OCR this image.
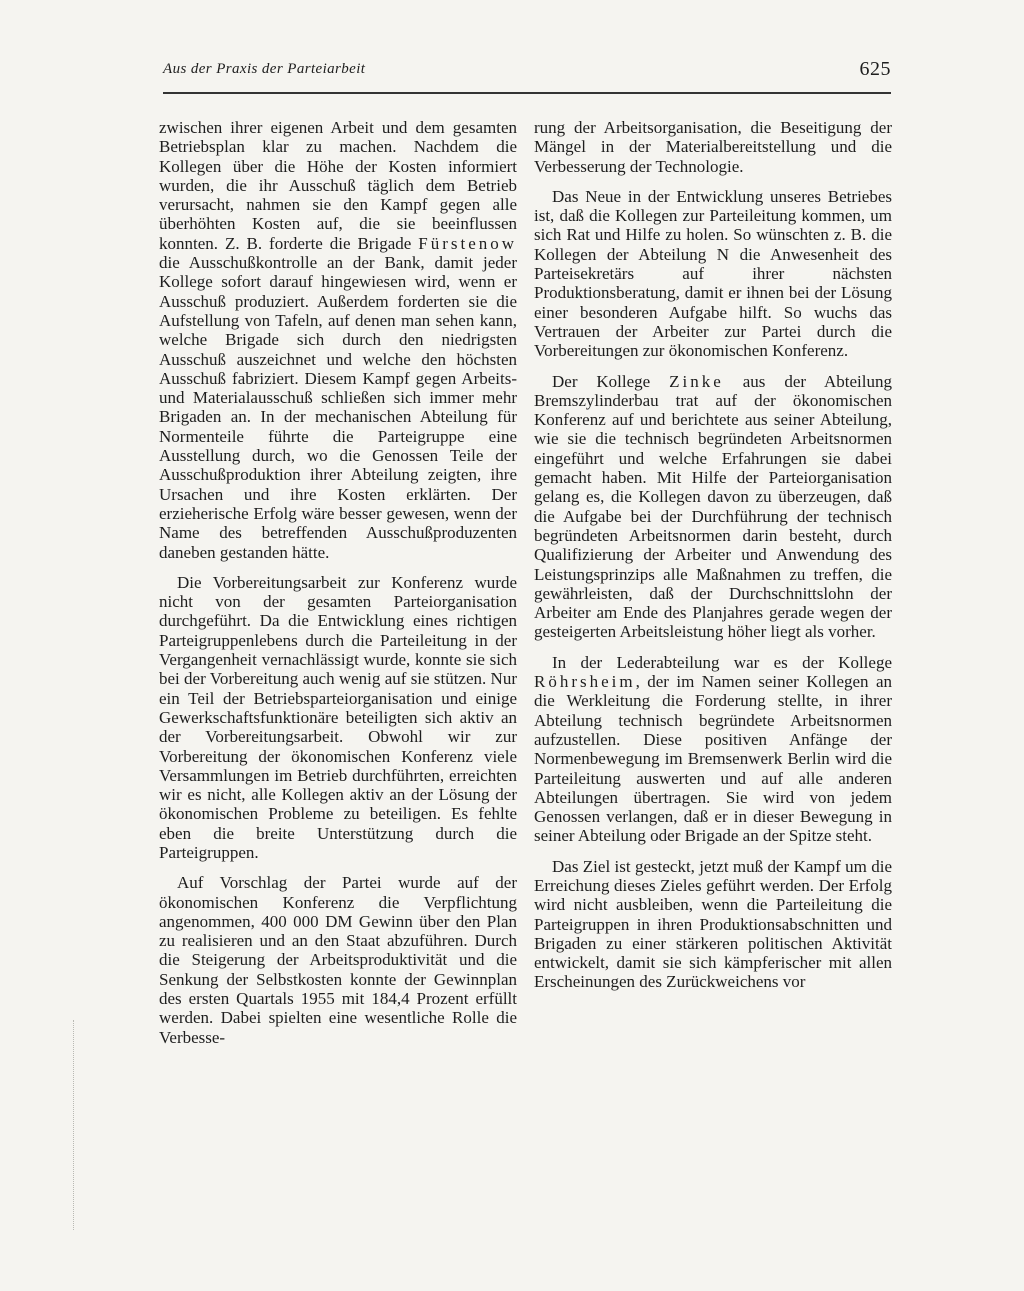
Aus der Praxis der Parteiarbeit	625

zwischen ihrer eigenen Arbeit und dem gesamten Betriebsplan klar zu machen. Nachdem die Kollegen über die Höhe der Kosten informiert wurden, die ihr Ausschuß täglich dem Betrieb verursacht, nahmen sie den Kampf gegen alle überhöhten Kosten auf, die sie beeinflussen konnten. Z. B. forderte die Brigade Fürstenow die Ausschußkontrolle an der Bank, damit jeder Kollege sofort darauf hingewiesen wird, wenn er Ausschuß produziert. Außerdem forderten sie die Aufstellung von Tafeln, auf denen man sehen kann, welche Brigade sich durch den niedrigsten Ausschuß auszeichnet und welche den höchsten Ausschuß fabriziert. Diesem Kampf gegen Arbeits- und Materialausschuß schließen sich immer mehr Brigaden an. In der mechanischen Abteilung für Normenteile führte die Parteigruppe eine Ausstellung durch, wo die Genossen Teile der Ausschußproduktion ihrer Abteilung zeigten, ihre Ursachen und ihre Kosten erklärten. Der erzieherische Erfolg wäre besser gewesen, wenn der Name des betreffenden Ausschußproduzenten daneben gestanden hätte.

Die Vorbereitungsarbeit zur Konferenz wurde nicht von der gesamten Parteiorganisation durchgeführt. Da die Entwicklung eines richtigen Parteigruppenlebens durch die Parteileitung in der Vergangenheit vernachlässigt wurde, konnte sie sich bei der Vorbereitung auch wenig auf sie stützen. Nur ein Teil der Betriebsparteiorganisation und einige Gewerkschaftsfunktionäre beteiligten sich aktiv an der Vorbereitungsarbeit. Obwohl wir zur Vorbereitung der ökonomischen Konferenz viele Versammlungen im Betrieb durchführten, erreichten wir es nicht, alle Kollegen aktiv an der Lösung der ökonomischen Probleme zu beteiligen. Es fehlte eben die breite Unterstützung durch die Parteigruppen.

Auf Vorschlag der Partei wurde auf der ökonomischen Konferenz die Verpflichtung angenommen, 400 000 DM Gewinn über den Plan zu realisieren und an den Staat abzuführen. Durch die Steigerung der Arbeitsproduktivität und die Senkung der Selbstkosten konnte der Gewinnplan des ersten Quartals 1955 mit 184,4 Prozent erfüllt werden. Dabei spielten eine wesentliche Rolle die Verbesse-

rung der Arbeitsorganisation, die Beseitigung der Mängel in der Materialbereitstellung und die Verbesserung der Technologie.

Das Neue in der Entwicklung unseres Betriebes ist, daß die Kollegen zur Parteileitung kommen, um sich Rat und Hilfe zu holen. So wünschten z. B. die Kollegen der Abteilung N die Anwesenheit des Parteisekretärs auf ihrer nächsten Produktionsberatung, damit er ihnen bei der Lösung einer besonderen Aufgabe hilft. So wuchs das Vertrauen der Arbeiter zur Partei durch die Vorbereitungen zur ökonomischen Konferenz.

Der Kollege Zinke aus der Abteilung Bremszylinderbau trat auf der ökonomischen Konferenz auf und berichtete aus seiner Abteilung, wie sie die technisch begründeten Arbeitsnormen eingeführt und welche Erfahrungen sie dabei gemacht haben. Mit Hilfe der Parteiorganisation gelang es, die Kollegen davon zu überzeugen, daß die Aufgabe bei der Durchführung der technisch begründeten Arbeitsnormen darin besteht, durch Qualifizierung der Arbeiter und Anwendung des Leistungsprinzips alle Maßnahmen zu treffen, die gewährleisten, daß der Durchschnittslohn der Arbeiter am Ende des Planjahres gerade wegen der gesteigerten Arbeitsleistung höher liegt als vorher.

In der Lederabteilung war es der Kollege Röhrsheim, der im Namen seiner Kollegen an die Werkleitung die Forderung stellte, in ihrer Abteilung technisch begründete Arbeitsnormen aufzustellen. Diese positiven Anfänge der Normenbewegung im Bremsenwerk Berlin wird die Parteileitung auswerten und auf alle anderen Abteilungen übertragen. Sie wird von jedem Genossen verlangen, daß er in dieser Bewegung in seiner Abteilung oder Brigade an der Spitze steht.

Das Ziel ist gesteckt, jetzt muß der Kampf um die Erreichung dieses Zieles geführt werden. Der Erfolg wird nicht ausbleiben, wenn die Parteileitung die Parteigruppen in ihren Produktionsabschnitten und Brigaden zu einer stärkeren politischen Aktivität entwickelt, damit sie sich kämpferischer mit allen Erscheinungen des Zurückweichens vor
